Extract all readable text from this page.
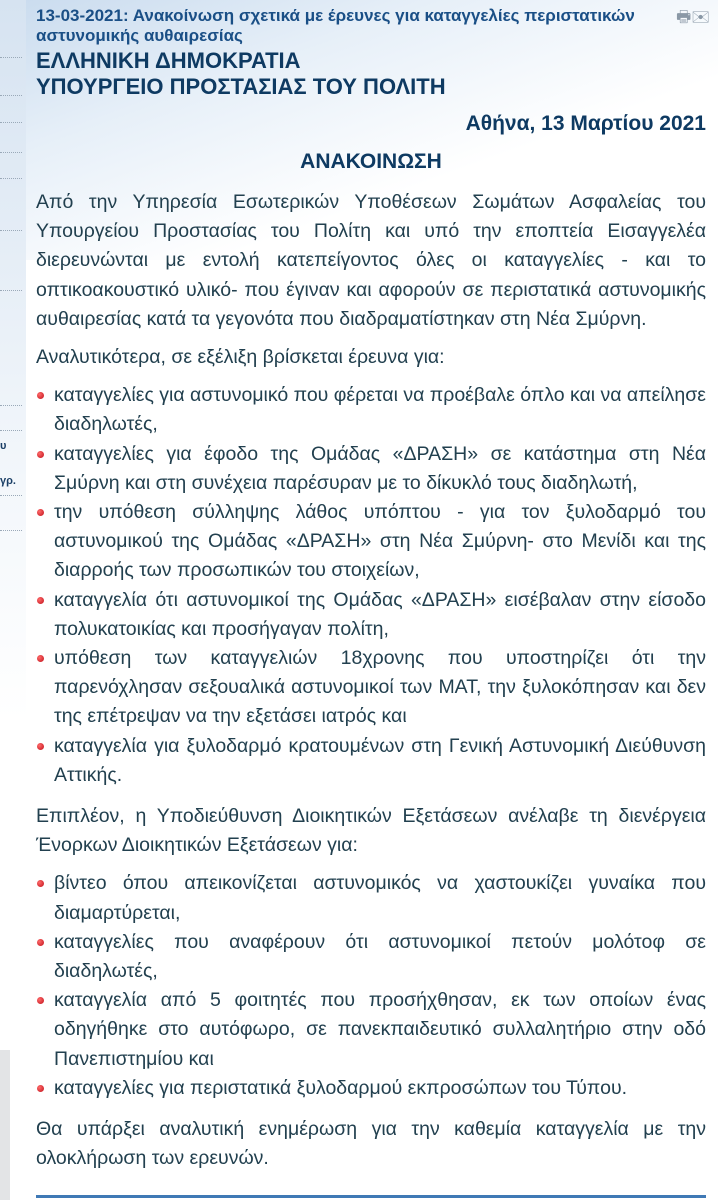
υ
γρ.
13-03-2021: Ανακοίνωση σχετικά με έρευνες για καταγγελίες περιστατικών αστυνομικής αυθαιρεσίας
🖶✉
ΕΛΛΗΝΙΚΗ ΔΗΜΟΚΡΑΤΙΑ
ΥΠΟΥΡΓΕΙΟ ΠΡΟΣΤΑΣΙΑΣ ΤΟΥ ΠΟΛΙΤΗ
Αθήνα, 13 Μαρτίου 2021
ΑΝΑΚΟΙΝΩΣΗ

Από την Υπηρεσία Εσωτερικών Υποθέσεων Σωμάτων Ασφαλείας του Υπουργείου Προστασίας του Πολίτη και υπό την εποπτεία Εισαγγελέα διερευνώνται με εντολή κατεπείγοντος όλες οι καταγγελίες - και το οπτικοακουστικό υλικό- που έγιναν και αφορούν σε περιστατικά αστυνομικής αυθαιρεσίας κατά τα γεγονότα που διαδραματίστηκαν στη Νέα Σμύρνη.

Αναλυτικότερα, σε εξέλιξη βρίσκεται έρευνα για:

καταγγελίες για αστυνομικό που φέρεται να προέβαλε όπλο και να απείλησε διαδηλωτές,
καταγγελίες για έφοδο της Ομάδας «ΔΡΑΣΗ» σε κατάστημα στη Νέα Σμύρνη και στη συνέχεια παρέσυραν με το δίκυκλό τους διαδηλωτή,
την υπόθεση σύλληψης λάθος υπόπτου - για τον ξυλοδαρμό του αστυνομικού της Ομάδας «ΔΡΑΣΗ» στη Νέα Σμύρνη- στο Μενίδι και της διαρροής των προσωπικών του στοιχείων,
καταγγελία ότι αστυνομικοί της Ομάδας «ΔΡΑΣΗ» εισέβαλαν στην είσοδο πολυκατοικίας και προσήγαγαν πολίτη,
υπόθεση των καταγγελιών 18χρονης που υποστηρίζει ότι την παρενόχλησαν σεξουαλικά αστυνομικοί των ΜΑΤ, την ξυλοκόπησαν και δεν της επέτρεψαν να την εξετάσει ιατρός και
καταγγελία για ξυλοδαρμό κρατουμένων στη Γενική Αστυνομική Διεύθυνση Αττικής.

Επιπλέον, η Υποδιεύθυνση Διοικητικών Εξετάσεων ανέλαβε τη διενέργεια Ένορκων Διοικητικών Εξετάσεων για:

βίντεο όπου απεικονίζεται αστυνομικός να χαστουκίζει γυναίκα που διαμαρτύρεται,
καταγγελίες που αναφέρουν ότι αστυνομικοί πετούν μολότοφ σε διαδηλωτές,
καταγγελία από 5 φοιτητές που προσήχθησαν, εκ των οποίων ένας οδηγήθηκε στο αυτόφωρο, σε πανεκπαιδευτικό συλλαλητήριο στην οδό Πανεπιστημίου και
καταγγελίες για περιστατικά ξυλοδαρμού εκπροσώπων του Τύπου.

Θα υπάρξει αναλυτική ενημέρωση για την καθεμία καταγγελία με την ολοκλήρωση των ερευνών.
